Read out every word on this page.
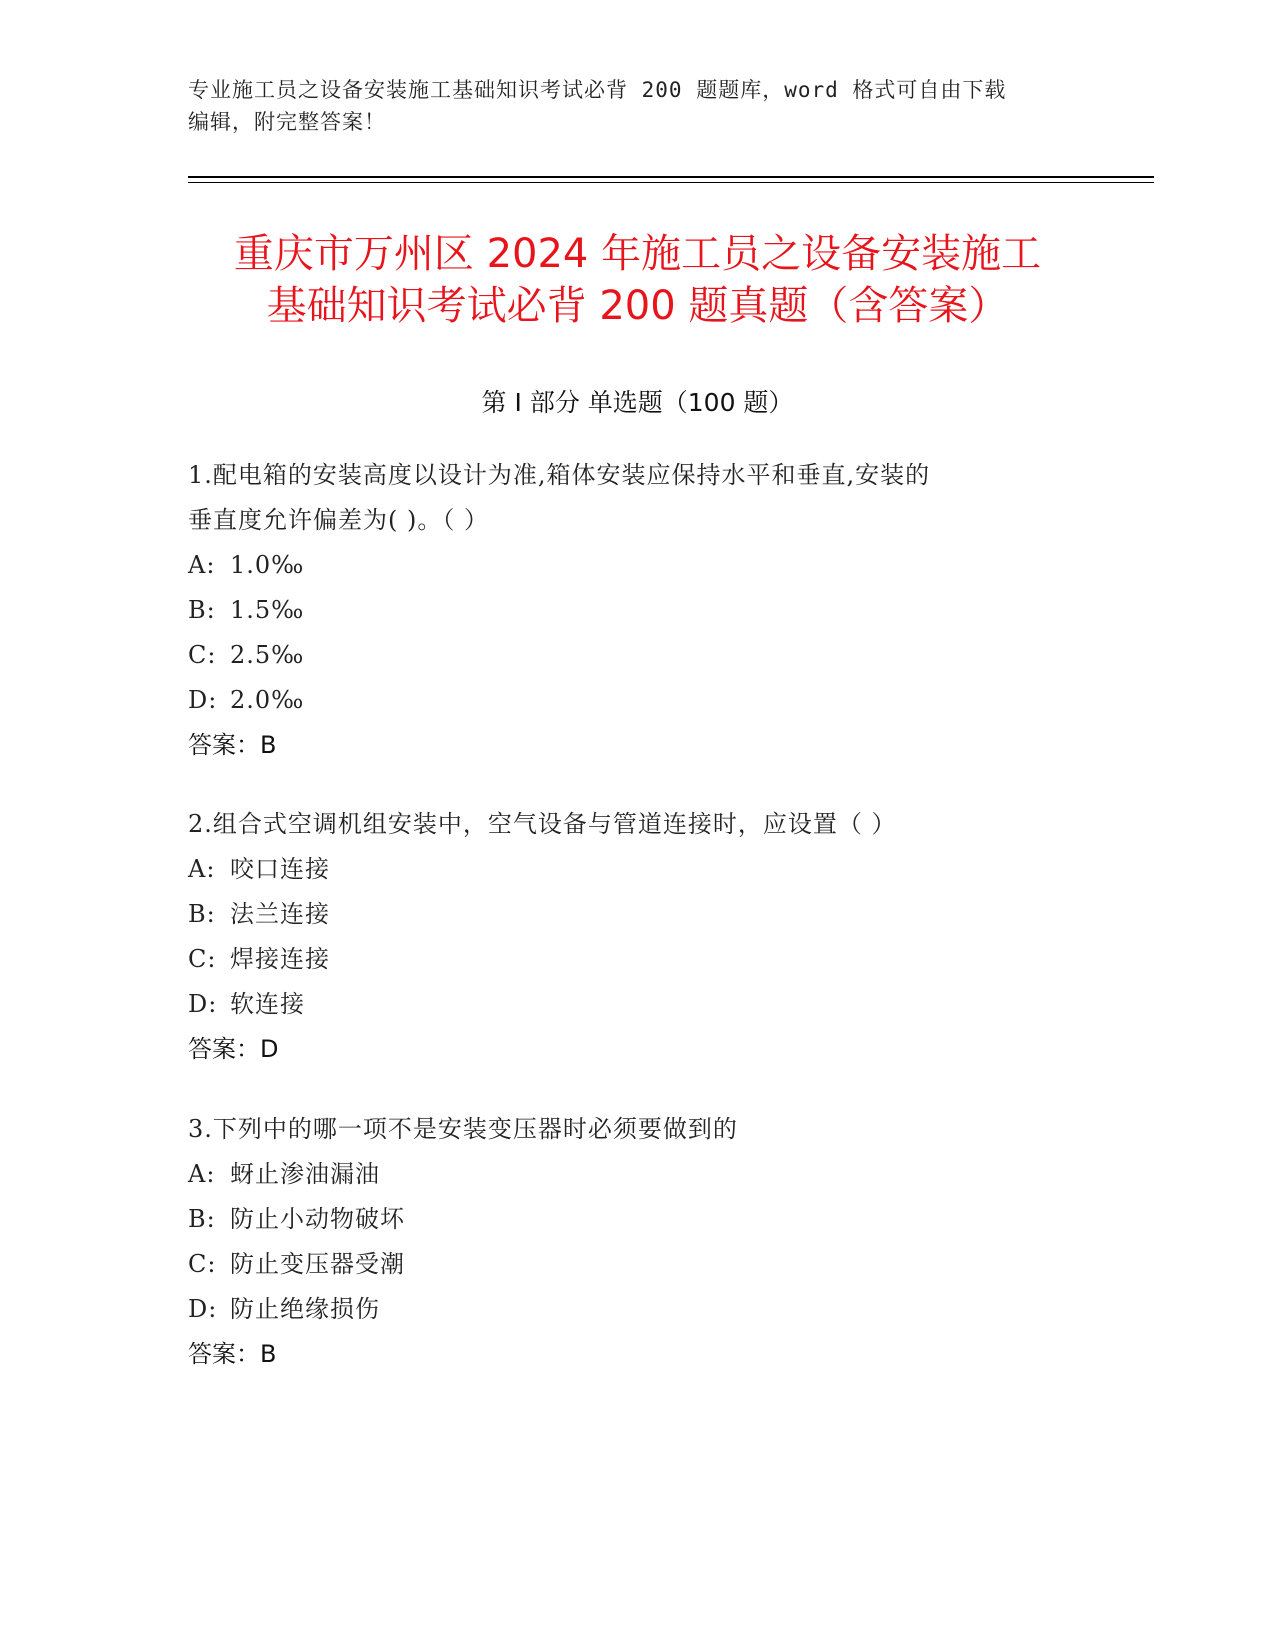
专业施工员之设备安装施工基础知识考试必背 200 题题库，word 格式可自由下载
编辑，附完整答案！
重庆市万州区 2024 年施工员之设备安装施工
基础知识考试必背 200 题真题（含答案）
第 I 部分 单选题（100 题）
1.配电箱的安装高度以设计为准,箱体安装应保持水平和垂直,安装的
垂直度允许偏差为( )。（ ）
A: 1.0‰
B: 1.5‰
C: 2.5‰
D: 2.0‰
答案：B
2.组合式空调机组安装中，空气设备与管道连接时，应设置（ ）
A: 咬口连接
B: 法兰连接
C: 焊接连接
D: 软连接
答案：D
3.下列中的哪一项不是安装变压器时必须要做到的
A: 蚜止渗油漏油
B: 防止小动物破坏
C: 防止变压器受潮
D: 防止绝缘损伤
答案：B
